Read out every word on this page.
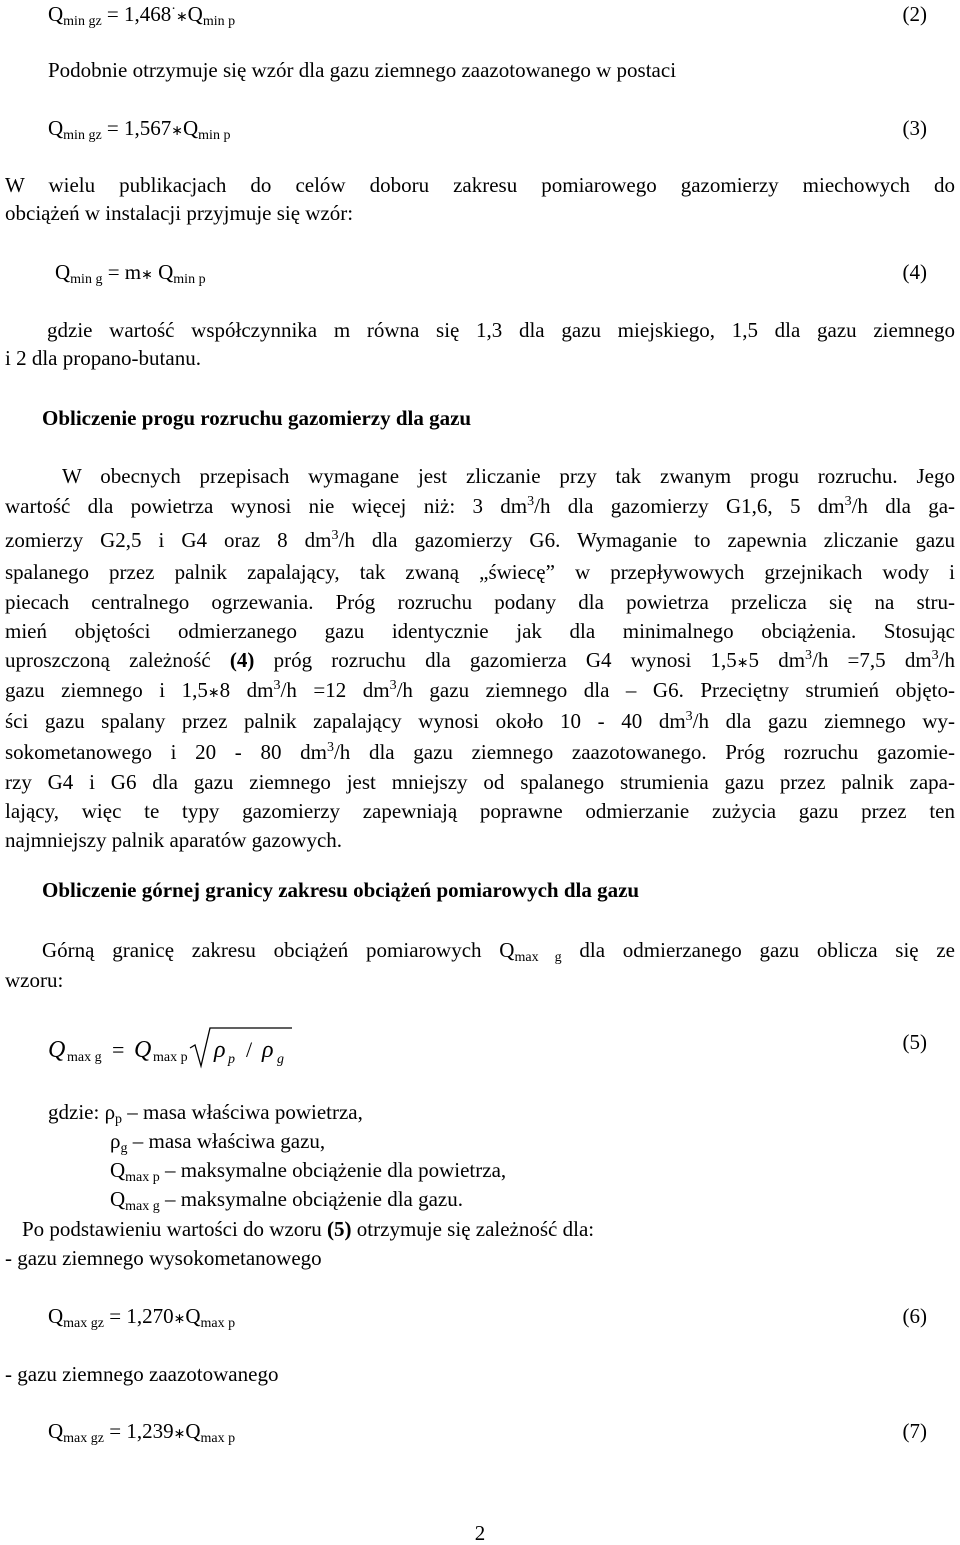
$Q_{min gz}$ = $1,468^\cdot∗Q_{min p}$	(2)
Podobnie otrzymuje się wzór dla gazu ziemnego zaazotowanego w postaci
$Q_{min gz}$ = $1,567∗Q_{min p}$	(3)
W wielu publikacjach do celów doboru zakresu pomiarowego gazomierzy miechowych do
obciążeń w instalacji przyjmuje się wzór:
$Q_{min g}$ = m∗ $Q_{min p}$	(4)
gdzie wartość współczynnika m równa się 1,3 dla gazu miejskiego, 1,5 dla gazu ziemnego
i 2 dla propano-butanu.
Obliczenie progu rozruchu gazomierzy dla gazu
W obecnych przepisach wymagane jest zliczanie przy tak zwanym progu rozruchu. Jego
wartość dla powietrza wynosi nie więcej niż: 3 $dm^3/h$ dla gazomierzy G1,6, 5 $dm^3/h$ dla ga-
zomierzy G2,5 i G4 oraz 8 $dm^3/h$ dla gazomierzy G6. Wymaganie to zapewnia zliczanie gazu
spalanego przez palnik zapalający, tak zwaną „świecę” w przepływowych grzejnikach wody i
piecach centralnego ogrzewania. Próg rozruchu podany dla powietrza przelicza się na stru-
mień objętości odmierzanego gazu identycznie jak dla minimalnego obciążenia. Stosując
uproszczoną zależność (4) próg rozruchu dla gazomierza G4 wynosi 1,5∗5 $dm^3/h =7,5$ $dm^3/h$
gazu ziemnego i 1,5∗8 $dm^3/h =12$ $dm^3/h$ gazu ziemnego dla – G6. Przeciętny strumień objęto-
ści gazu spalany przez palnik zapalający wynosi około 10 - 40 $dm^3/h$ dla gazu ziemnego wy-
sokometanowego i 20 - 80 $dm^3/h$ dla gazu ziemnego zaazotowanego. Próg rozruchu gazomie-
rzy G4 i G6 dla gazu ziemnego jest mniejszy od spalanego strumienia gazu przez palnik zapa-
lający, więc te typy gazomierzy zapewniają poprawne odmierzanie zużycia gazu przez ten
najmniejszy palnik aparatów gazowych.
Obliczenie górnej granicy zakresu obciążeń pomiarowych dla gazu
Górną granicę zakresu obciążeń pomiarowych $Q_{max g}$ dla odmierzanego gazu oblicza się ze
wzoru:
Q max g = Q max p ρ p / ρ g
(5)
gdzie: $\rho_p$ – masa właściwa powietrza,
$\rho_g$ – masa właściwa gazu,
$Q_{max p}$ – maksymalne obciążenie dla powietrza,
$Q_{max g}$ – maksymalne obciążenie dla gazu.
Po podstawieniu wartości do wzoru (5) otrzymuje się zależność dla:
- gazu ziemnego wysokometanowego
$Q_{max gz}$ = $1,270∗Q_{max p}$	(6)
- gazu ziemnego zaazotowanego
$Q_{max gz}$ = $1,239∗Q_{max p}$	(7)
2
